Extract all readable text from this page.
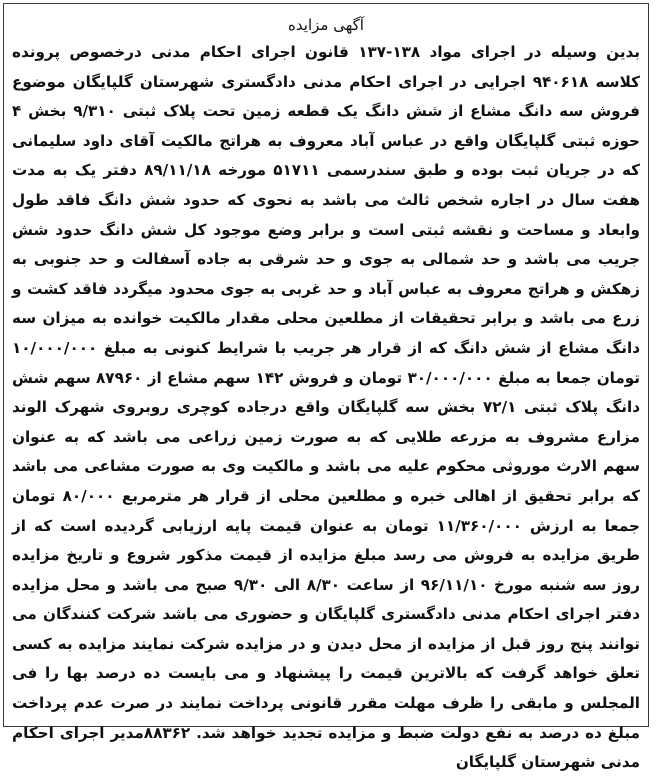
آگهی مزایده

بدین وسیله در اجرای مواد ۱۳۸-۱۳۷ قانون اجرای احکام مدنی درخصوص پرونده کلاسه ۹۴۰۶۱۸ اجرایی در اجرای احکام مدنی دادگستری شهرستان گلپایگان موضوع فروش سه دانگ مشاع از شش دانگ یک قطعه زمین تحت پلاک ثبتی ۹/۳۱۰ بخش ۴ حوزه ثبتی گلپایگان واقع در عباس آباد معروف به هراتج مالکیت آقای داود سلیمانی که در جریان ثبت بوده و طبق سندرسمی ۵۱۷۱۱ مورخه ۸۹/۱۱/۱۸ دفتر یک به مدت هفت سال در اجاره شخص ثالث می باشد به نحوی که حدود شش دانگ فاقد طول وابعاد و مساحت و نقشه ثبتی است و برابر وضع موجود کل شش دانگ حدود شش جریب می باشد و حد شمالی به جوی و حد شرقی به جاده آسفالت و حد جنوبی به زهکش و هراتج معروف به عباس آباد و حد غربی به جوی محدود میگردد فاقد کشت و زرع می باشد و برابر تحقیقات از مطلعین محلی مقدار مالکیت خوانده به میزان سه دانگ مشاع از شش دانگ که از قرار هر جریب با شرایط کنونی به مبلغ ۱۰/۰۰۰/۰۰۰ تومان جمعا به مبلغ ۳۰/۰۰۰/۰۰۰ تومان و فروش ۱۴۲ سهم مشاع از ۸۷۹۶۰ سهم شش دانگ پلاک ثبتی ۷۲/۱ بخش سه گلپایگان واقع درجاده کوچری روبروی شهرک الوند مزارع مشروف به مزرعه طلایی که به صورت زمین زراعی می باشد که به عنوان سهم الارث موروثی محکوم علیه می باشد و مالکیت وی به صورت مشاعی می باشد که برابر تحقیق از اهالی خبره و مطلعین محلی از قرار هر مترمربع ۸۰/۰۰۰ تومان جمعا به ارزش ۱۱/۳۶۰/۰۰۰ تومان به عنوان قیمت پایه ارزیابی گردیده است که از طریق مزایده به فروش می رسد مبلغ مزایده از قیمت مذکور شروع و تاریخ مزایده روز سه شنبه مورخ ۹۶/۱۱/۱۰ از ساعت ۸/۳۰ الی ۹/۳۰ صبح می باشد و محل مزایده دفتر اجرای احکام مدنی دادگستری گلپایگان و حضوری می باشد شرکت کنندگان می توانند پنج روز قبل از مزایده از محل دیدن و در مزایده شرکت نمایند مزایده به کسی تعلق خواهد گرفت که بالاترین قیمت را پیشنهاد و می بایست ده درصد بها را فی المجلس و مابقی را ظرف مهلت مقرر قانونی پرداخت نمایند در صرت عدم پرداخت مبلغ ده درصد به نفع دولت ضبط و مزایده تجدید خواهد شد. ۸۸۳۶۲مدیر اجرای احکام مدنی شهرستان گلپایگان
